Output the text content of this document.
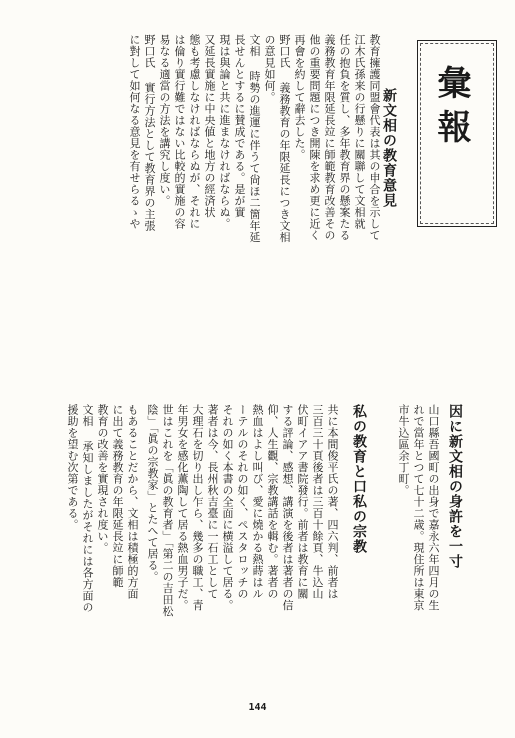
彙報
新文相の教育意見
教育擁護同盟會代表は其の申合を示して
江木氏孫来の行懸りに關聯して文相就
任の抱負を質し、多年教育界の懸案たる
義務教育年限延長竝に師範教育改善その
他の重要問題につき開陳を求め更に近く
再會を約して辭去した。
野口氏 義務教育の年限延長につき文相
の意見如何。
文相 時勢の進運に伴うて尙ほ二箇年延
長せんとするに賛成である。是が實
現は與論と共に進まなければならぬ。
又延長實施に中央値と地方の經済状
態も考慮しなければならぬが、それに
は倫り實行難ではない比較的實施の容
易なる適當の方法を講究し度い。
野口氏 實行方法として教育界の主張
に對して如何なる意見を有せらるゝや
因に新文相の身許を一寸
山口縣吾國町の出身で嘉永六年四月の生
れで當年とつて七十二歳。現住所は東京
市牛込區余丁町。
私の教育と口私の宗教
共に本間俊平氏の著、四六判、前者は
三百三十頁後者は三百十餘頁、牛込山
伏町イアア書院發行。前者は教育に關
する評論、感想、講演を後者は著者の信
仰、人生觀、宗教講話を輯む。著者の
熱血はよし叫び、愛に燒かる熱蒔はル
ーテルのそれの如く、ペスタロッチの
それの如く本書の全面に横溢して居る。
著者は今、長州秋吉臺に一石工として
大理石を切り出し乍ら、幾多の職工、青
年男女を感化薫陶して居る熱血男子だ。
世はこれを「眞の教育者」「第二の吉田松
陰」「眞の宗教家」とたへて居る。
144
もあることだから、文相は積極的方面
に出て義務教育の年限延長竝に師範
教育の改善を實現され度い。
文相 承知しましたがそれには各方面の
援助を望む次第である。
